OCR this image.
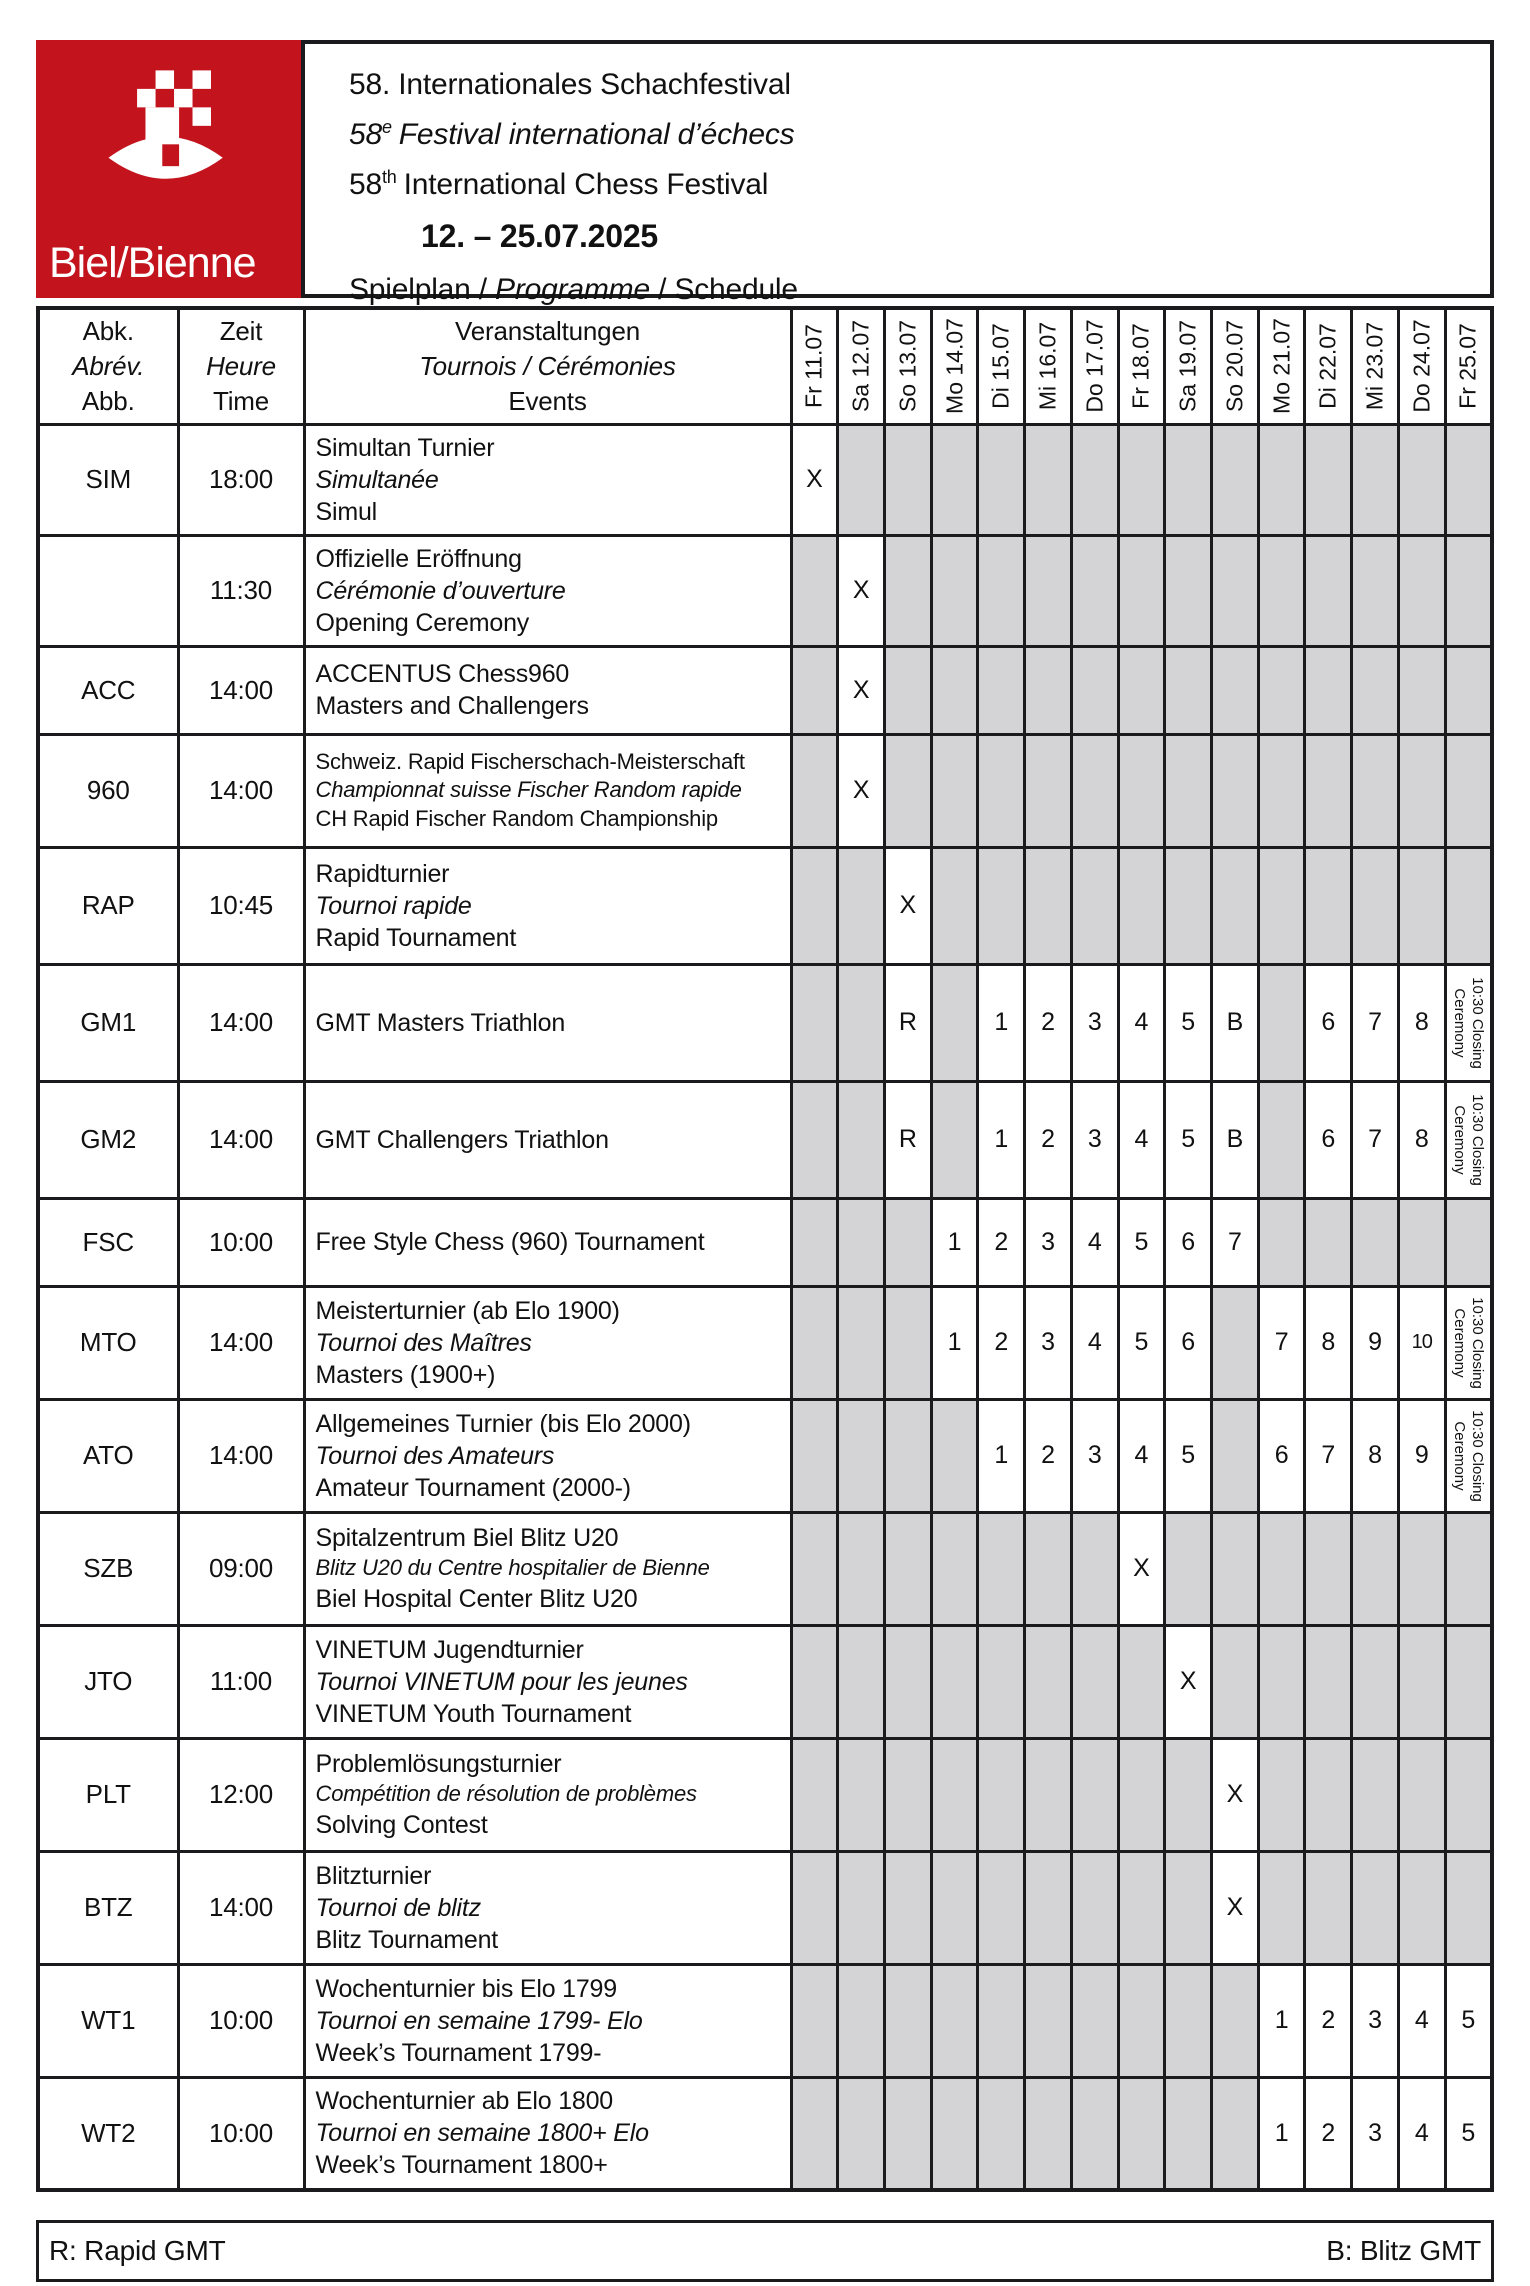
Biel/Bienne
58. Internationales Schachfestival
58e Festival international d’échecs
58th International Chess Festival
12. – 25.07.2025
Spielplan / Programme / Schedule
Abk.
Abrév.
Abb.	Zeit
Heure
Time	Veranstaltungen
Tournois / Cérémonies
Events	Fr 11.07	Sa 12.07	So 13.07	Mo 14.07	Di 15.07	Mi 16.07	Do 17.07	Fr 18.07	Sa 19.07	So 20.07	Mo 21.07	Di 22.07	Mi 23.07	Do 24.07	Fr 25.07

SIM	18:00	Simultan Turnier
Simultanée
Simul	X														
	11:30	Offizielle Eröffnung
Cérémonie d’ouverture
Opening Ceremony		X													
ACC	14:00	ACCENTUS Chess960
Masters and Challengers		X													
960	14:00	Schweiz. Rapid Fischerschach-Meisterschaft
Championnat suisse Fischer Random rapide
CH Rapid Fischer Random Championship		X													
RAP	10:45	Rapidturnier
Tournoi rapide
Rapid Tournament			X												
GM1	14:00	GMT Masters Triathlon			R		1	2	3	4	5	B		6	7	8	10:30 Closing
Ceremony

GM2	14:00	GMT Challengers Triathlon			R		1	2	3	4	5	B		6	7	8	10:30 Closing
Ceremony

FSC	10:00	Free Style Chess (960) Tournament				1	2	3	4	5	6	7					
MTO	14:00	
Meisterturnier (ab Elo 1900)
Tournoi des Maîtres
Masters (1900+)
				1	2	3	4	5	6		7	8	9	10	10:30 Closing
Ceremony

ATO	14:00	
Allgemeines Turnier (bis Elo 2000)
Tournoi des Amateurs
Amateur Tournament (2000-)
					1	2	3	4	5		6	7	8	9	10:30 Closing
Ceremony

SZB	09:00	Spitalzentrum Biel Blitz U20
Blitz U20 du Centre hospitalier de Bienne
Biel Hospital Center Blitz U20								X							
JTO	11:00	VINETUM Jugendturnier
Tournoi VINETUM pour les jeunes
VINETUM Youth Tournament									X						
PLT	12:00	Problemlösungsturnier
Compétition de résolution de problèmes
Solving Contest										X					
BTZ	14:00	Blitzturnier
Tournoi de blitz
Blitz Tournament										X					
WT1	10:00	Wochenturnier bis Elo 1799
Tournoi en semaine 1799- Elo
Week’s Tournament 1799-											1	2	3	4	5
WT2	10:00	Wochenturnier ab Elo 1800
Tournoi en semaine 1800+ Elo
Week’s Tournament 1800+											1	2	3	4	5
R: Rapid GMT	B: Blitz GMT
